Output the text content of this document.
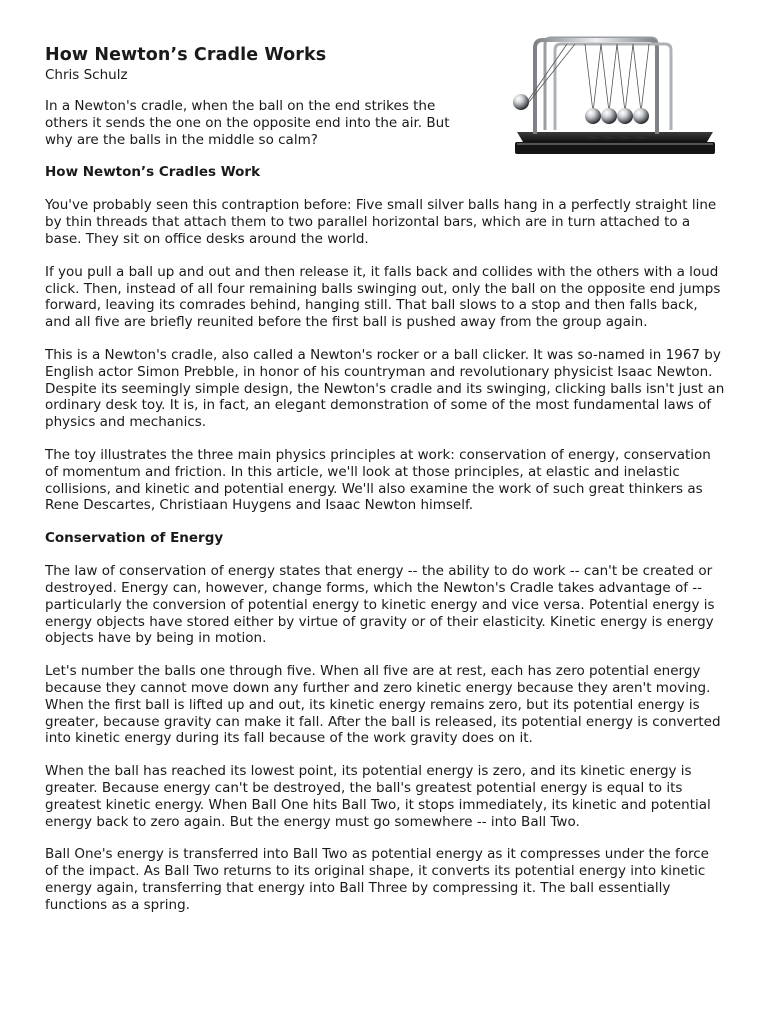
How Newton’s Cradle Works
Chris Schulz

In a Newton's cradle, when the ball on the end strikes the others it sends the one on the opposite end into the air. But why are the balls in the middle so calm?

How Newton’s Cradles Work

You've probably seen this contraption before: Five small silver balls hang in a perfectly straight line by thin threads that attach them to two parallel horizontal bars, which are in turn attached to a base. They sit on office desks around the world.

If you pull a ball up and out and then release it, it falls back and collides with the others with a loud click. Then, instead of all four remaining balls swinging out, only the ball on the opposite end jumps forward, leaving its comrades behind, hanging still. That ball slows to a stop and then falls back, and all five are briefly reunited before the first ball is pushed away from the group again.

This is a Newton's cradle, also called a Newton's rocker or a ball clicker. It was so-named in 1967 by English actor Simon Prebble, in honor of his countryman and revolutionary physicist Isaac Newton. Despite its seemingly simple design, the Newton's cradle and its swinging, clicking balls isn't just an ordinary desk toy. It is, in fact, an elegant demonstration of some of the most fundamental laws of physics and mechanics.

The toy illustrates the three main physics principles at work: conservation of energy, conservation of momentum and friction. In this article, we'll look at those principles, at elastic and inelastic collisions, and kinetic and potential energy. We'll also examine the work of such great thinkers as Rene Descartes, Christiaan Huygens and Isaac Newton himself.

Conservation of Energy

The law of conservation of energy states that energy -- the ability to do work -- can't be created or destroyed. Energy can, however, change forms, which the Newton's Cradle takes advantage of -- particularly the conversion of potential energy to kinetic energy and vice versa. Potential energy is energy objects have stored either by virtue of gravity or of their elasticity. Kinetic energy is energy objects have by being in motion.

Let's number the balls one through five. When all five are at rest, each has zero potential energy because they cannot move down any further and zero kinetic energy because they aren't moving. When the first ball is lifted up and out, its kinetic energy remains zero, but its potential energy is greater, because gravity can make it fall. After the ball is released, its potential energy is converted into kinetic energy during its fall because of the work gravity does on it.

When the ball has reached its lowest point, its potential energy is zero, and its kinetic energy is greater. Because energy can't be destroyed, the ball's greatest potential energy is equal to its greatest kinetic energy. When Ball One hits Ball Two, it stops immediately, its kinetic and potential energy back to zero again. But the energy must go somewhere -- into Ball Two.

Ball One's energy is transferred into Ball Two as potential energy as it compresses under the force of the impact. As Ball Two returns to its original shape, it converts its potential energy into kinetic energy again, transferring that energy into Ball Three by compressing it. The ball essentially functions as a spring.
